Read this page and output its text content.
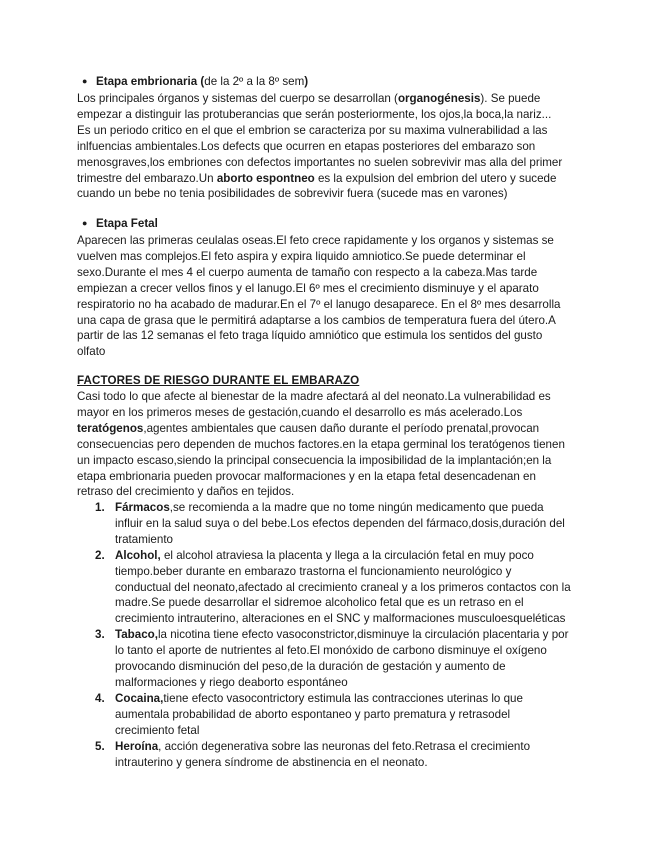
● Etapa embrionaria (de la 2º a la 8º sem)

Los principales órganos y sistemas del cuerpo se desarrollan (organogénesis). Se puede

empezar a distinguir las protuberancias que serán posteriormente, los ojos,la boca,la nariz...

Es un periodo critico en el que el embrion se caracteriza por su maxima vulnerabilidad a las

inlfuencias ambientales.Los defects que ocurren en etapas posteriores del embarazo son

menosgraves,los embriones con defectos importantes no suelen sobrevivir mas alla del primer

trimestre del embarazo.Un aborto espontneo es la expulsion del embrion del utero y sucede

cuando un bebe no tenia posibilidades de sobrevivir fuera (sucede mas en varones)

● Etapa Fetal

Aparecen las primeras ceulalas oseas.El feto crece rapidamente y los organos y sistemas se

vuelven mas complejos.El feto aspira y expira liquido amniotico.Se puede determinar el

sexo.Durante el mes 4 el cuerpo aumenta de tamaño con respecto a la cabeza.Mas tarde

empiezan a crecer vellos finos y el lanugo.El 6º mes el crecimiento disminuye y el aparato

respiratorio no ha acabado de madurar.En el 7º el lanugo desaparece. En el 8º mes desarrolla

una capa de grasa que le permitirá adaptarse a los cambios de temperatura fuera del útero.A

partir de las 12 semanas el feto traga líquido amniótico que estimula los sentidos del gusto

olfato

FACTORES DE RIESGO DURANTE EL EMBARAZO

Casi todo lo que afecte al bienestar de la madre afectará al del neonato.La vulnerabilidad es

mayor en los primeros meses de gestación,cuando el desarrollo es más acelerado.Los

teratógenos,agentes ambientales que causen daño durante el período prenatal,provocan

consecuencias pero dependen de muchos factores.en la etapa germinal los teratógenos tienen

un impacto escaso,siendo la principal consecuencia la imposibilidad de la implantación;en la

etapa embrionaria pueden provocar malformaciones y en la etapa fetal desencadenan en

retraso del crecimiento y daños en tejidos.

1. Fármacos,se recomienda a la madre que no tome ningún medicamento que pueda

influir en la salud suya o del bebe.Los efectos dependen del fármaco,dosis,duración del

tratamiento

2. Alcohol, el alcohol atraviesa la placenta y llega a la circulación fetal en muy poco

tiempo.beber durante en embarazo trastorna el funcionamiento neurológico y

conductual del neonato,afectado al crecimiento craneal y a los primeros contactos con la

madre.Se puede desarrollar el sidremoe alcoholico fetal que es un retraso en el

crecimiento intrauterino, alteraciones en el SNC y malformaciones musculoesqueléticas

3. Tabaco,la nicotina tiene efecto vasoconstrictor,disminuye la circulación placentaria y por

lo tanto el aporte de nutrientes al feto.El monóxido de carbono disminuye el oxígeno

provocando disminución del peso,de la duración de gestación y aumento de

malformaciones y riego deaborto espontáneo

4. Cocaina,tiene efecto vasocontrictory estimula las contracciones uterinas lo que

aumentala probabilidad de aborto espontaneo y parto prematura y retrasodel

crecimiento fetal

5. Heroína, acción degenerativa sobre las neuronas del feto.Retrasa el crecimiento

intrauterino y genera síndrome de abstinencia en el neonato.
